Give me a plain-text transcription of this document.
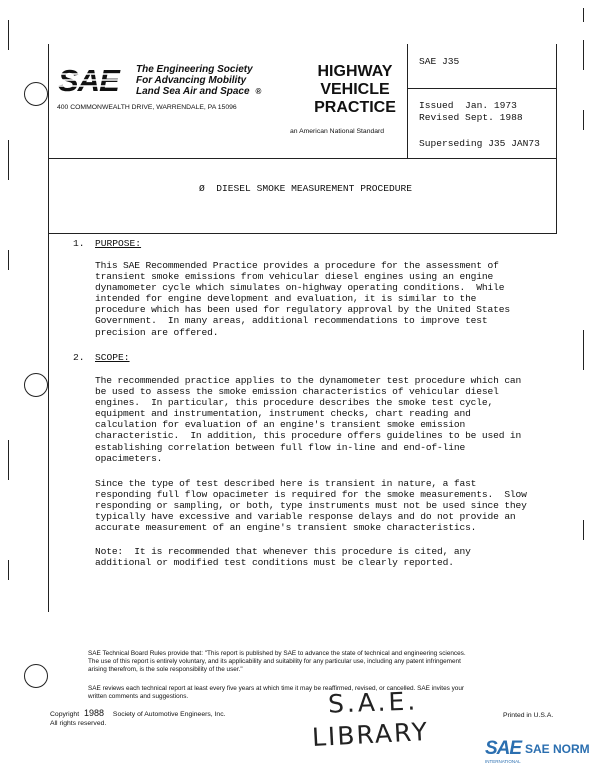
SAE The Engineering Society
For Advancing Mobility
Land Sea Air and Space ®
400 COMMONWEALTH DRIVE, WARRENDALE, PA 15096
HIGHWAY
VEHICLE
PRACTICE
an American National Standard
SAE J35
Issued  Jan. 1973
Revised Sept. 1988
Superseding J35 JAN73
Ø  DIESEL SMOKE MEASUREMENT PROCEDURE
1. PURPOSE:
This SAE Recommended Practice provides a procedure for the assessment of
transient smoke emissions from vehicular diesel engines using an engine
dynamometer cycle which simulates on-highway operating conditions.  While
intended for engine development and evaluation, it is similar to the
procedure which has been used for regulatory approval by the United States
Government.  In many areas, additional recommendations to improve test
precision are offered.
2. SCOPE:
The recommended practice applies to the dynamometer test procedure which can
be used to assess the smoke emission characteristics of vehicular diesel
engines.  In particular, this procedure describes the smoke test cycle,
equipment and instrumentation, instrument checks, chart reading and
calculation for evaluation of an engine's transient smoke emission
characteristic.  In addition, this procedure offers guidelines to be used in
establishing correlation between full flow in-line and end-of-line
opacimeters.
Since the type of test described here is transient in nature, a fast
responding full flow opacimeter is required for the smoke measurements.  Slow
responding or sampling, or both, type instruments must not be used since they
typically have excessive and variable response delays and do not provide an
accurate measurement of an engine's transient smoke characteristics.
Note:  It is recommended that whenever this procedure is cited, any
additional or modified test conditions must be clearly reported.
SAE Technical Board Rules provide that: "This report is published by SAE to advance the state of technical and engineering sciences.
The use of this report is entirely voluntary, and its applicability and suitability for any particular use, including any patent infringement
arising therefrom, is the sole responsibility of the user."
SAE reviews each technical report at least every five years at which time it may be reaffirmed, revised, or cancelled. SAE invites your
written comments and suggestions.
Copyright 1988 Society of Automotive Engineers, Inc.
All rights reserved.
Printed in U.S.A.
S.A.E.
LIBRARY	SAE SAE NORM
INTERNATIONAL
